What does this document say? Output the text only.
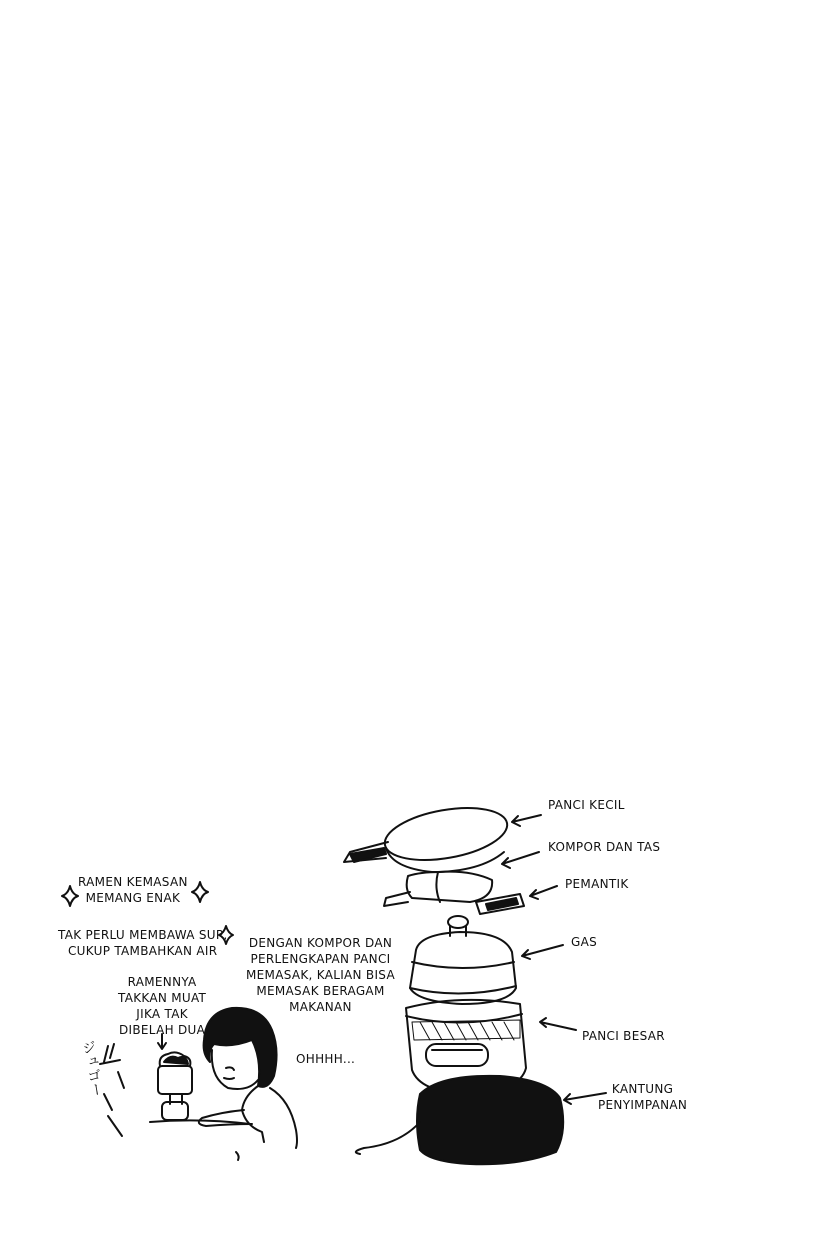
RAMEN KEMASAN
MEMANG ENAK
TAK PERLU MEMBAWA SUP,
CUKUP TAMBAHKAN AIR
RAMENNYA
TAKKAN MUAT
JIKA TAK
DIBELAH DUA
ジュゴー
DENGAN KOMPOR DAN
PERLENGKAPAN PANCI
MEMASAK, KALIAN BISA
MEMASAK BERAGAM
MAKANAN
OHHHH...
PANCI KECIL
KOMPOR DAN TAS
PEMANTIK
GAS
PANCI BESAR
KANTUNG
PENYIMPANAN
